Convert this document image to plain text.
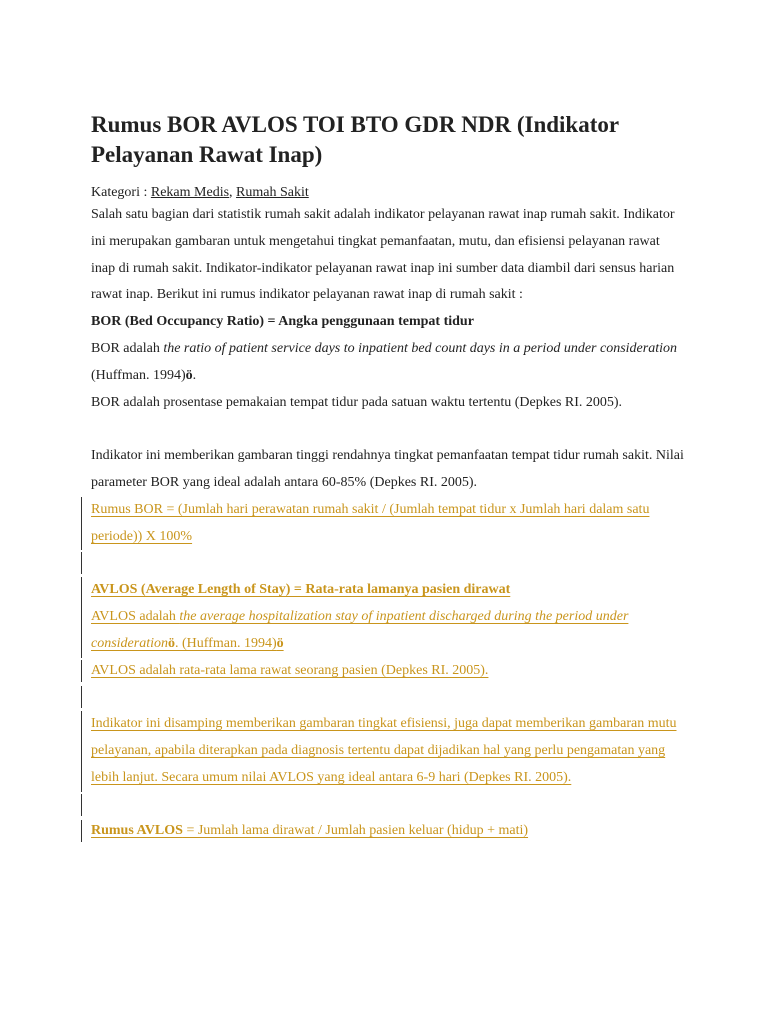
Rumus BOR AVLOS TOI BTO GDR NDR (Indikator Pelayanan Rawat Inap)

Kategori : Rekam Medis, Rumah Sakit

Salah satu bagian dari statistik rumah sakit adalah indikator pelayanan rawat inap rumah sakit. Indikator ini merupakan gambaran untuk mengetahui tingkat pemanfaatan, mutu, dan efisiensi pelayanan rawat inap di rumah sakit. Indikator-indikator pelayanan rawat inap ini sumber data diambil dari sensus harian rawat inap. Berikut ini rumus indikator pelayanan rawat inap di rumah sakit :

BOR (Bed Occupancy Ratio) = Angka penggunaan tempat tidur

BOR adalah the ratio of patient service days to inpatient bed count days in a period under consideration (Huffman. 1994)ӧ.

BOR adalah prosentase pemakaian tempat tidur pada satuan waktu tertentu (Depkes RI. 2005).

Indikator ini memberikan gambaran tinggi rendahnya tingkat pemanfaatan tempat tidur rumah sakit. Nilai parameter BOR yang ideal adalah antara 60-85% (Depkes RI. 2005).

Rumus BOR = (Jumlah hari perawatan rumah sakit / (Jumlah tempat tidur x Jumlah hari dalam satu periode)) X 100%

AVLOS (Average Length of Stay) = Rata-rata lamanya pasien dirawat

AVLOS adalah the average hospitalization stay of inpatient discharged during the period under considerationӧ. (Huffman. 1994)ӧ

AVLOS adalah rata-rata lama rawat seorang pasien (Depkes RI. 2005).

Indikator ini disamping memberikan gambaran tingkat efisiensi, juga dapat memberikan gambaran mutu pelayanan, apabila diterapkan pada diagnosis tertentu dapat dijadikan hal yang perlu pengamatan yang lebih lanjut. Secara umum nilai AVLOS yang ideal antara 6-9 hari (Depkes RI. 2005).

Rumus AVLOS = Jumlah lama dirawat / Jumlah pasien keluar (hidup + mati)
